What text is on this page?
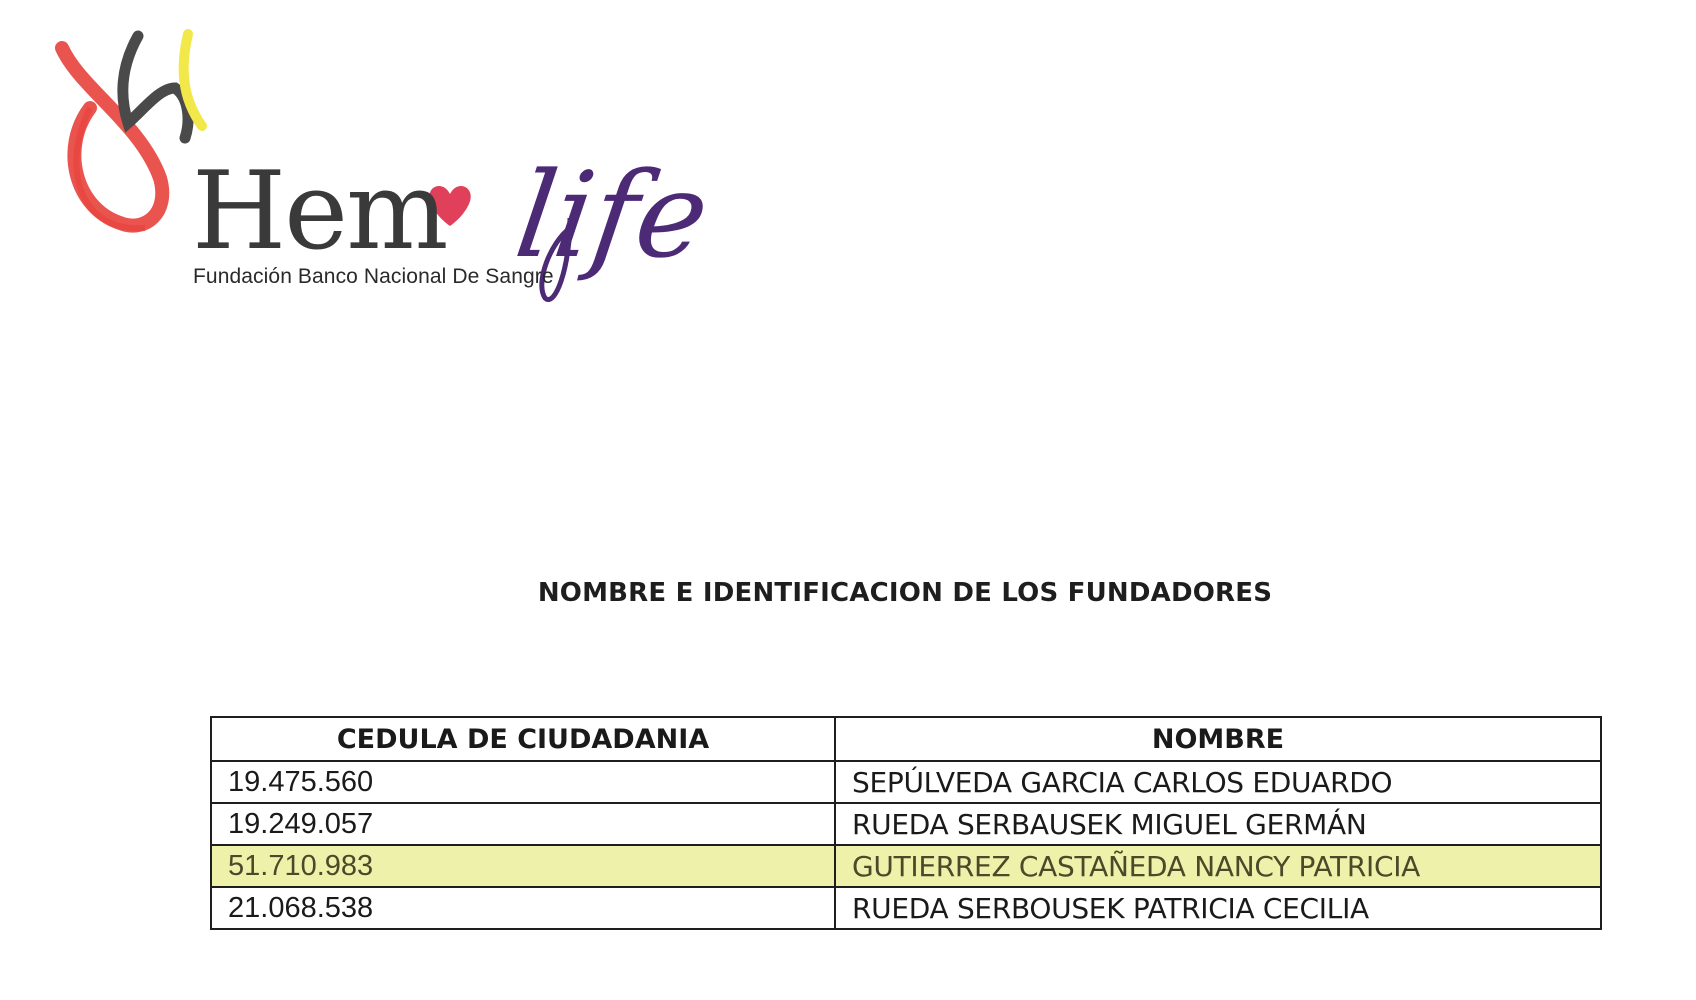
Hem life
Fundación Banco Nacional De Sangre
NOMBRE E IDENTIFICACION DE LOS FUNDADORES
CEDULA DE CIUDADANIA	NOMBRE
19.475.560	SEPÚLVEDA GARCIA CARLOS EDUARDO
19.249.057	RUEDA SERBAUSEK MIGUEL GERMÁN
51.710.983	GUTIERREZ CASTAÑEDA NANCY PATRICIA
21.068.538	RUEDA SERBOUSEK PATRICIA CECILIA
